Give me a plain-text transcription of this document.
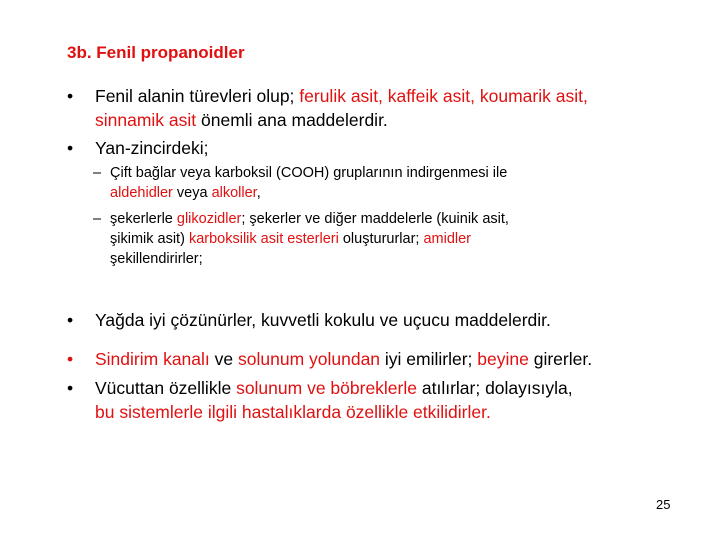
3b. Fenil propanoidler
• Fenil alanin türevleri olup; ferulik asit, kaffeik asit, koumarik asit,
sinnamik asit önemli ana maddelerdir.
• Yan-zincirdeki;
– Çift bağlar veya karboksil (COOH) gruplarının indirgenmesi ile
aldehidler veya alkoller,
– şekerlerle glikozidler; şekerler ve diğer maddelerle (kuinik asit,
şikimik asit) karboksilik asit esterleri oluştururlar; amidler
şekillendirirler;
• Yağda iyi çözünürler, kuvvetli kokulu ve uçucu maddelerdir.
• Sindirim kanalı ve solunum yolundan iyi emilirler; beyine girerler.
• Vücuttan özellikle solunum ve böbreklerle atılırlar; dolayısıyla,
bu sistemlerle ilgili hastalıklarda özellikle etkilidirler.
25
